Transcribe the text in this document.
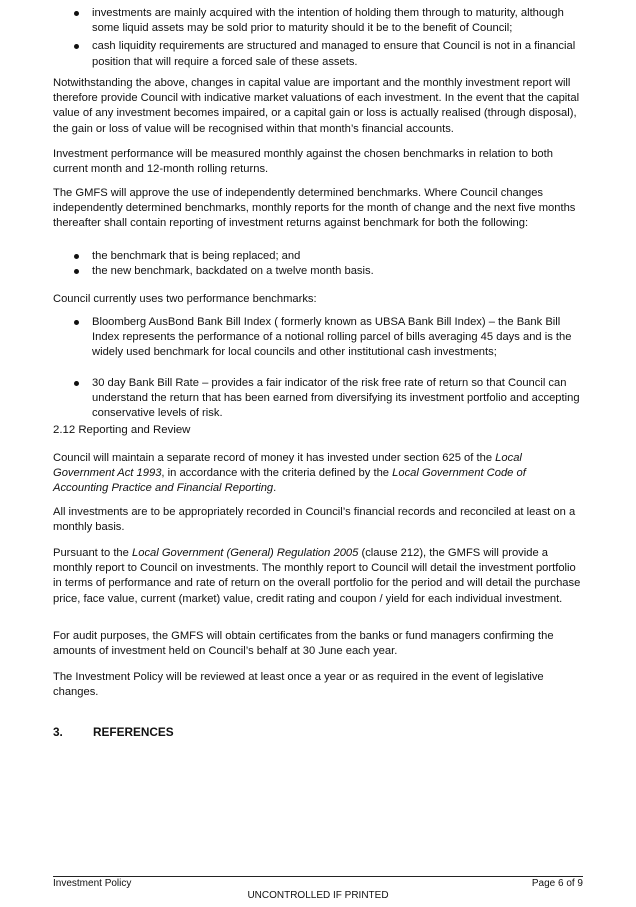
investments are mainly acquired with the intention of holding them through to maturity, although some liquid assets may be sold prior to maturity should it be to the benefit of Council;
cash liquidity requirements are structured and managed to ensure that Council is not in a financial position that will require a forced sale of these assets.

Notwithstanding the above, changes in capital value are important and the monthly investment report will therefore provide Council with indicative market valuations of each investment. In the event that the capital value of any investment becomes impaired, or a capital gain or loss is actually realised (through disposal), the gain or loss of value will be recognised within that month’s financial accounts.

Investment performance will be measured monthly against the chosen benchmarks in relation to both current month and 12-month rolling returns.

The GMFS will approve the use of independently determined benchmarks. Where Council changes independently determined benchmarks, monthly reports for the month of change and the next five months thereafter shall contain reporting of investment returns against benchmark for both the following:

the benchmark that is being replaced; and
the new benchmark, backdated on a twelve month basis.

Council currently uses two performance benchmarks:

Bloomberg AusBond Bank Bill Index ( formerly known as UBSA Bank Bill Index) – the Bank Bill Index represents the performance of a notional rolling parcel of bills averaging 45 days and is the widely used benchmark for local councils and other institutional cash investments;
30 day Bank Bill Rate – provides a fair indicator of the risk free rate of return so that Council can understand the return that has been earned from diversifying its investment portfolio and accepting conservative levels of risk.
2.12 Reporting and Review

Council will maintain a separate record of money it has invested under section 625 of the Local Government Act 1993, in accordance with the criteria defined by the Local Government Code of Accounting Practice and Financial Reporting.

All investments are to be appropriately recorded in Council’s financial records and reconciled at least on a monthly basis.

Pursuant to the Local Government (General) Regulation 2005 (clause 212), the GMFS will provide a monthly report to Council on investments. The monthly report to Council will detail the investment portfolio in terms of performance and rate of return on the overall portfolio for the period and will detail the purchase price, face value, current (market) value, credit rating and coupon / yield for each individual investment.

For audit purposes, the GMFS will obtain certificates from the banks or fund managers confirming the amounts of investment held on Council’s behalf at 30 June each year.

The Investment Policy will be reviewed at least once a year or as required in the event of legislative changes.

3.	REFERENCES
Investment Policy	Page 6 of 9
UNCONTROLLED IF PRINTED
